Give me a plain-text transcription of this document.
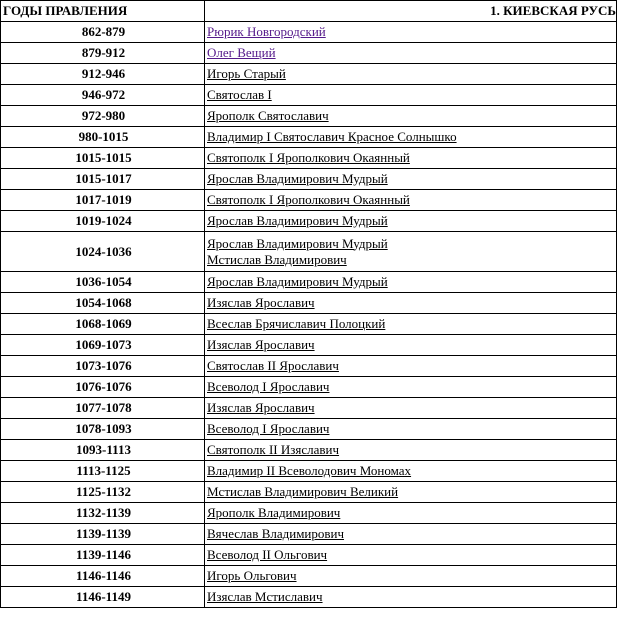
ГОДЫ ПРАВЛЕНИЯ	1. КИЕВСКАЯ РУСЬ
862-879	Рюрик Новгородский

879-912	Олег Вещий

912-946	Игорь Старый

946-972	Святослав I

972-980	Ярополк Святославич

980-1015	Владимир I Святославич Красное Солнышко

1015-1015	Святополк I Ярополкович Окаянный

1015-1017	Ярослав Владимирович Мудрый

1017-1019	Святополк I Ярополкович Окаянный

1019-1024	Ярослав Владимирович Мудрый

1024-1036	Ярослав Владимирович Мудрый
Мстислав Владимирович

1036-1054	Ярослав Владимирович Мудрый

1054-1068	Изяслав Ярославич

1068-1069	Всеслав Брячиславич Полоцкий

1069-1073	Изяслав Ярославич

1073-1076	Святослав II Ярославич

1076-1076	Всеволод I Ярославич

1077-1078	Изяслав Ярославич

1078-1093	Всеволод I Ярославич

1093-1113	Святополк II Изяславич

1113-1125	Владимир II Всеволодович Мономах

1125-1132	Мстислав Владимирович Великий

1132-1139	Ярополк Владимирович

1139-1139	Вячеслав Владимирович

1139-1146	Всеволод II Ольгович

1146-1146	Игорь Ольгович

1146-1149	Изяслав Мстиславич
